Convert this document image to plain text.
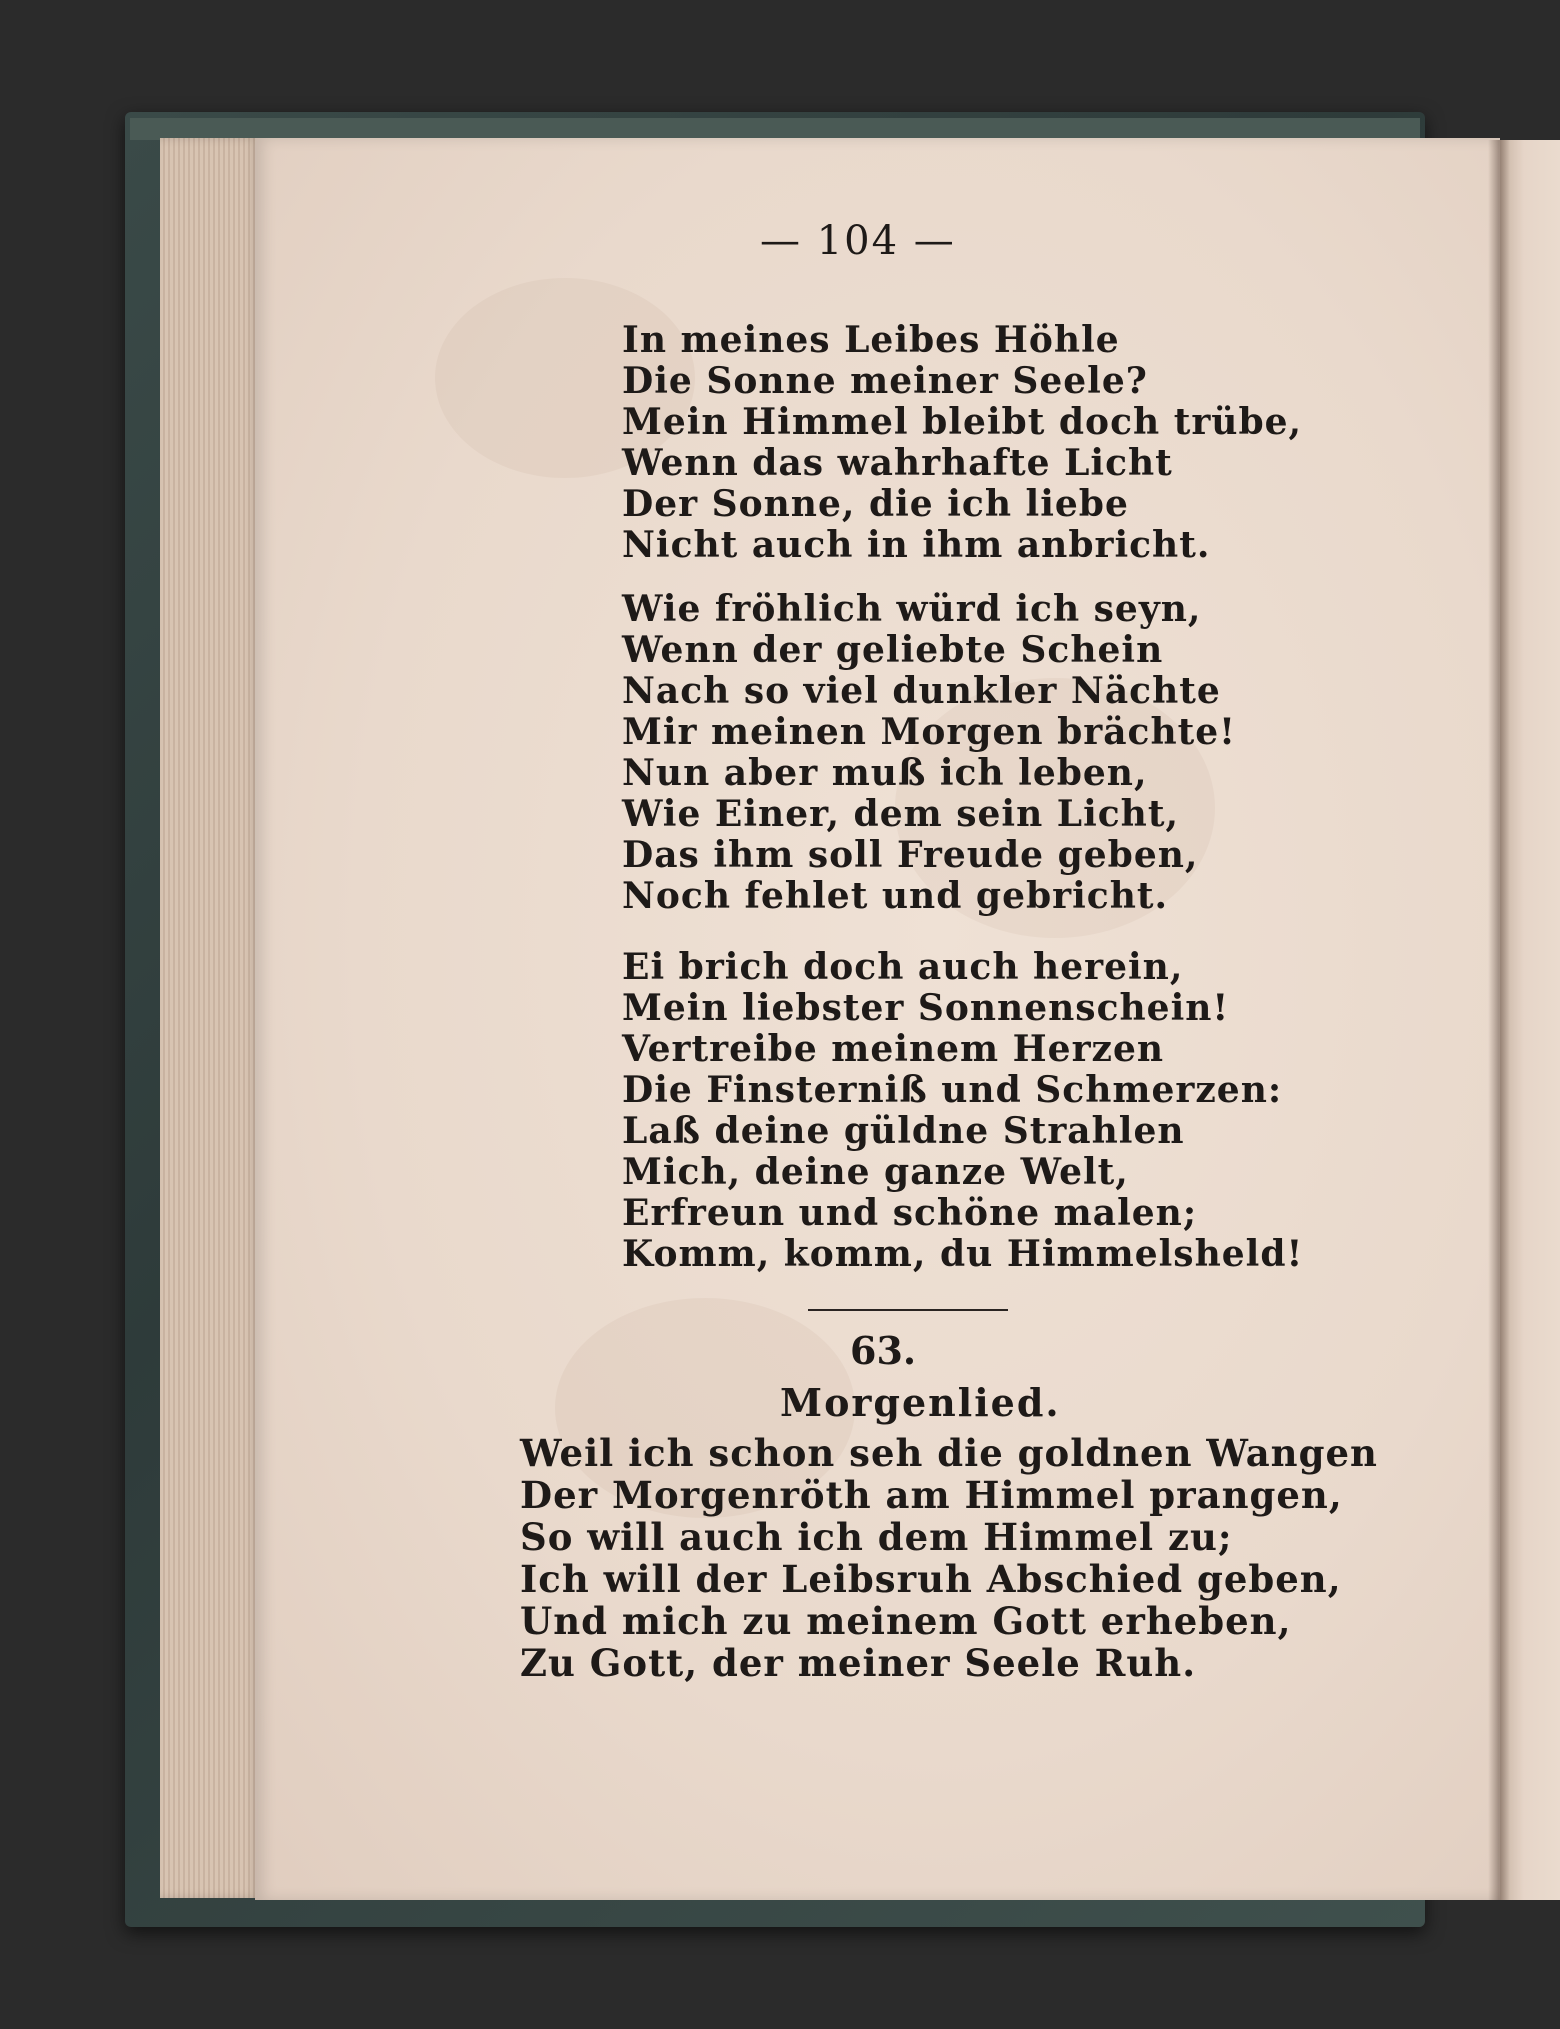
— 104 —
In meines Leibes Höhle
Die Sonne meiner Seele?
Mein Himmel bleibt doch trübe,
Wenn das wahrhafte Licht
Der Sonne, die ich liebe
Nicht auch in ihm anbricht.
Wie fröhlich würd ich seyn,
Wenn der geliebte Schein
Nach so viel dunkler Nächte
Mir meinen Morgen brächte!
Nun aber muß ich leben,
Wie Einer, dem sein Licht,
Das ihm soll Freude geben,
Noch fehlet und gebricht.
Ei brich doch auch herein,
Mein liebster Sonnenschein!
Vertreibe meinem Herzen
Die Finsterniß und Schmerzen:
Laß deine güldne Strahlen
Mich, deine ganze Welt,
Erfreun und schöne malen;
Komm, komm, du Himmelsheld!
63.
Morgenlied.
Weil ich schon seh die goldnen Wangen
Der Morgenröth am Himmel prangen,
So will auch ich dem Himmel zu;
Ich will der Leibsruh Abschied geben,
Und mich zu meinem Gott erheben,
Zu Gott, der meiner Seele Ruh.
